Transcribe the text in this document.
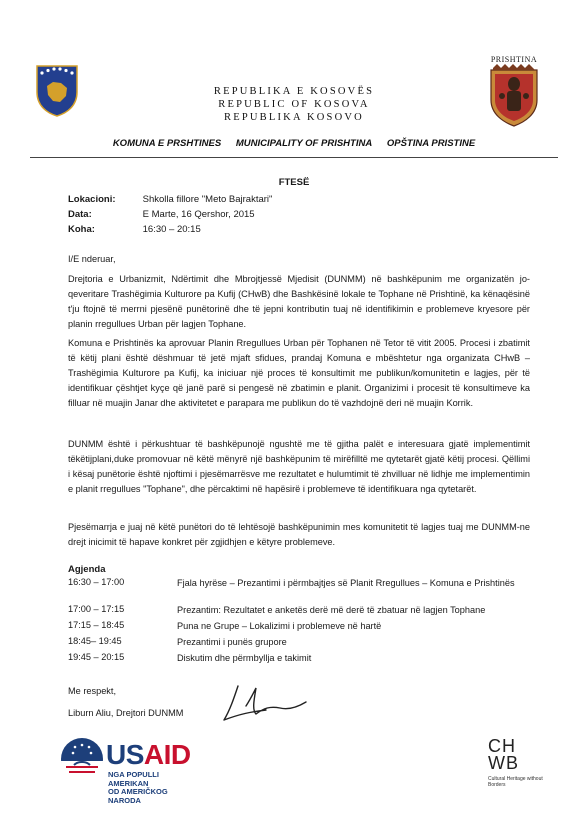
PRISHTINA
REPUBLIKA E KOSOVËS
REPUBLIC OF KOSOVA
REPUBLIKA KOSOVO
KOMUNA E PRSHTINES MUNICIPALITY OF PRISHTINA OPŠTINA PRISTINE
FTESË
Lokacioni:	Shkolla fillore "Meto Bajraktari"
Data:	E Marte, 16 Qershor, 2015
Koha:	16:30 – 20:15
I/E nderuar,
Drejtoria e Urbanizmit, Ndërtimit dhe Mbrojtjessë Mjedisit (DUNMM) në bashkëpunim me organizatën jo-qeveritare Trashëgimia Kulturore pa Kufij (CHwB) dhe Bashkësinë lokale te Tophane në Prishtinë, ka kënaqësinë t'ju ftojnë të merrni pjesënë punëtorinë dhe të jepni kontributin tuaj në identifikimin e problemeve kryesore për planin rregullues Urban për lagjen Tophane.
Komuna e Prishtinës ka aprovuar Planin Rregullues Urban për Tophanen në Tetor të vitit 2005. Procesi i zbatimit të këtij plani është dëshmuar të jetë mjaft sfidues, prandaj Komuna e mbështetur nga organizata CHwB – Trashëgimia Kulturore pa Kufij, ka iniciuar një proces të konsultimit me publikun/komunitetin e lagjes, për të identifikuar çështjet kyçe që janë parë si pengesë në zbatimin e planit. Organizimi i procesit të konsultimeve ka filluar në muajin Janar dhe aktivitetet e parapara me publikun do të vazhdojnë deri në muajin Korrik.
DUNMM është i përkushtuar të bashkëpunojë ngushtë me të gjitha palët e interesuara gjatë implementimit tëkëtijplani,duke promovuar në këtë mënyrë një bashkëpunim të mirëfilltë me qytetarët gjatë këtij procesi. Qëllimi i kësaj punëtorie është njoftimi i pjesëmarrësve me rezultatet e hulumtimit të zhvilluar në lidhje me implementimin e planit rregullues "Tophane", dhe përcaktimi në hapësirë i problemeve të identifikuara nga qytetarët.
Pjesëmarrja e juaj në këtë punëtori do të lehtësojë bashkëpunimin mes komunitetit të lagjes tuaj me DUNMM-ne drejt inicimit të hapave konkret për zgjidhjen e këtyre problemeve.
Agjenda
16:30 – 17:00	Fjala hyrëse – Prezantimi i përmbajtjes së Planit Rregullues – Komuna e Prishtinës
17:00 – 17:15	Prezantim: Rezultatet e anketës derë më derë të zbatuar në lagjen Tophane
17:15 – 18:45	Puna ne Grupe – Lokalizimi i problemeve në hartë
18:45– 19:45	Prezantimi i punës grupore
19:45 – 20:15	Diskutim dhe përmbyllja e takimit
Me respekt,
Liburn Aliu, Drejtori DUNMM
USAID
NGA POPULLI AMERIKAN
OD AMERIČKOG NARODA
CH
WB
Cultural Heritage without Borders
